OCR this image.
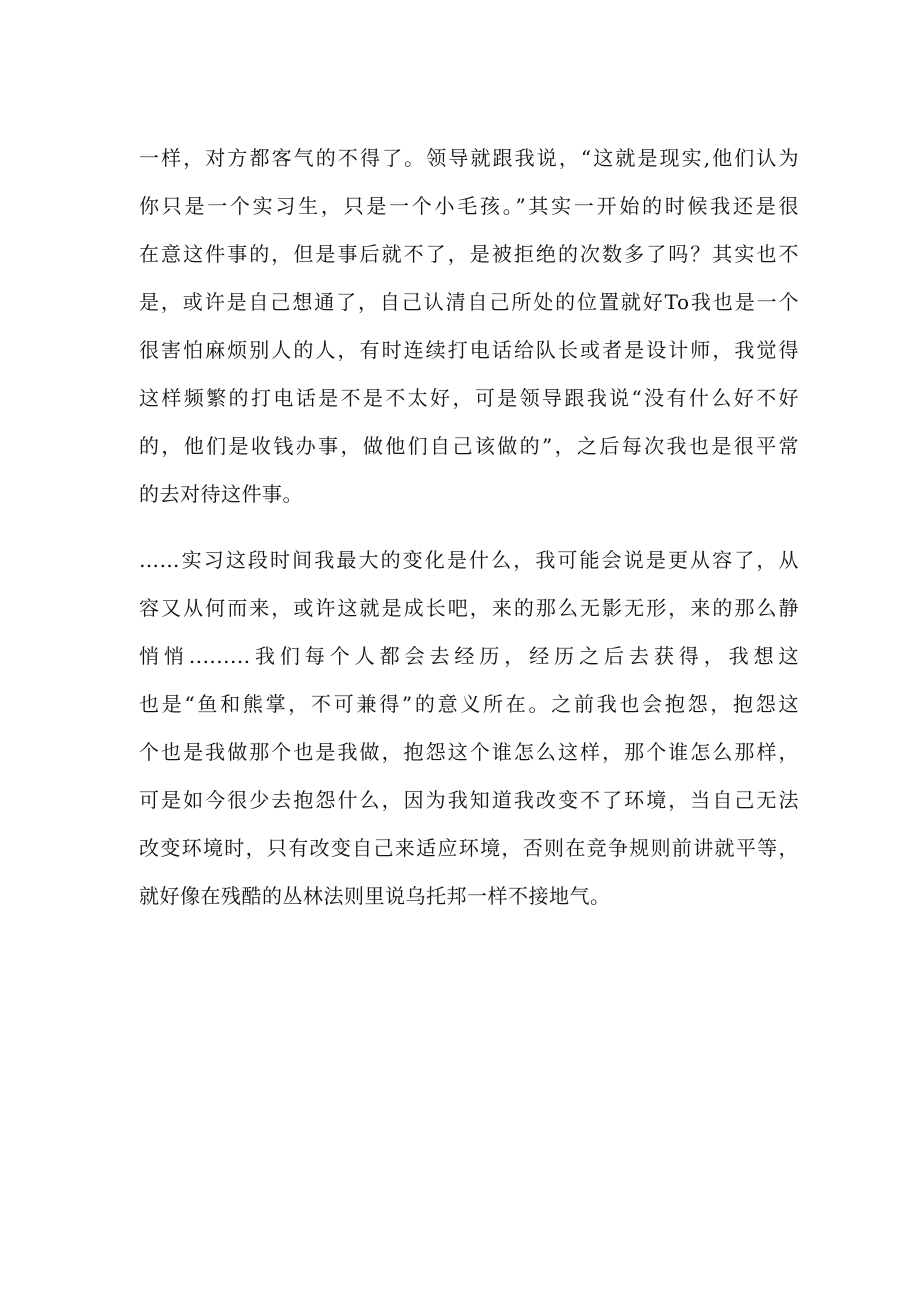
一样，对方都客气的不得了。领导就跟我说，“这就是现实,他们认为
你只是一个实习生，只是一个小毛孩。”其实一开始的时候我还是很
在意这件事的，但是事后就不了，是被拒绝的次数多了吗？其实也不
是，或许是自己想通了，自己认清自己所处的位置就好To我也是一个
很害怕麻烦别人的人，有时连续打电话给队长或者是设计师，我觉得
这样频繁的打电话是不是不太好，可是领导跟我说“没有什么好不好
的，他们是收钱办事，做他们自己该做的”，之后每次我也是很平常
的去对待这件事。

……实习这段时间我最大的变化是什么，我可能会说是更从容了，从
容又从何而来，或许这就是成长吧，来的那么无影无形，来的那么静
悄悄.........我们每个人都会去经历，经历之后去获得，我想这
也是“鱼和熊掌，不可兼得”的意义所在。之前我也会抱怨，抱怨这
个也是我做那个也是我做，抱怨这个谁怎么这样，那个谁怎么那样，
可是如今很少去抱怨什么，因为我知道我改变不了环境，当自己无法
改变环境时，只有改变自己来适应环境，否则在竞争规则前讲就平等，
就好像在残酷的丛林法则里说乌托邦一样不接地气。
